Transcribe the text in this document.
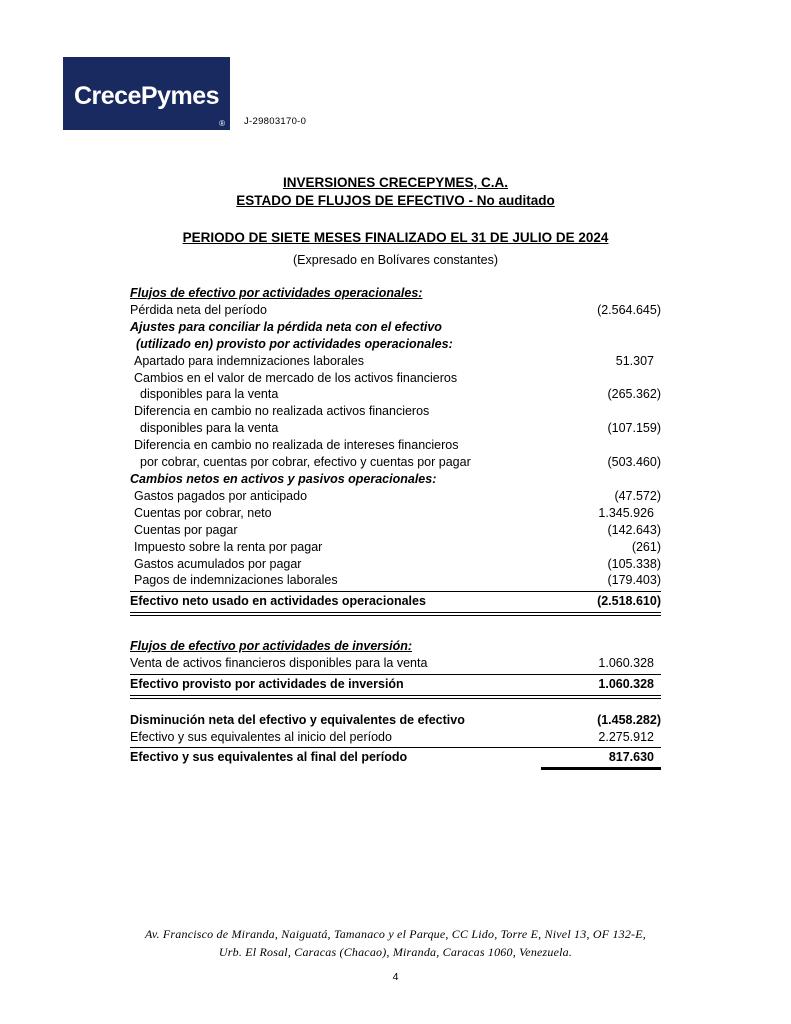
CrecePymes
® J-29803170-0
INVERSIONES CRECEPYMES, C.A.
ESTADO DE FLUJOS DE EFECTIVO - No auditado
PERIODO DE SIETE MESES FINALIZADO EL 31 DE JULIO DE 2024
(Expresado en Bolívares constantes)
Flujos de efectivo por actividades operacionales:
Pérdida neta del período	(2.564.645)
Ajustes para conciliar la pérdida neta con el efectivo
(utilizado en) provisto por actividades operacionales:
Apartado para indemnizaciones laborales	51.307
Cambios en el valor de mercado de los activos financieros
disponibles para la venta	(265.362)
Diferencia en cambio no realizada activos financieros
disponibles para la venta	(107.159)
Diferencia en cambio no realizada de intereses financieros
por cobrar, cuentas por cobrar, efectivo y cuentas por pagar	(503.460)
Cambios netos en activos y pasivos operacionales:
Gastos pagados por anticipado	(47.572)
Cuentas por cobrar, neto	1.345.926
Cuentas por pagar	(142.643)
Impuesto sobre la renta por pagar	(261)
Gastos acumulados por pagar	(105.338)
Pagos de indemnizaciones laborales	(179.403)
Efectivo neto usado en actividades operacionales	(2.518.610)
Flujos de efectivo por actividades de inversión:
Venta de activos financieros disponibles para la venta	1.060.328
Efectivo provisto por actividades de inversión	1.060.328
Disminución neta del efectivo y equivalentes de efectivo	(1.458.282)
Efectivo y sus equivalentes al inicio del período	2.275.912
Efectivo y sus equivalentes al final del período	817.630
Av. Francisco de Miranda, Naiguatá, Tamanaco y el Parque, CC Lido, Torre E, Nivel 13, OF 132-E,
Urb. El Rosal, Caracas (Chacao), Miranda, Caracas 1060, Venezuela.
4
